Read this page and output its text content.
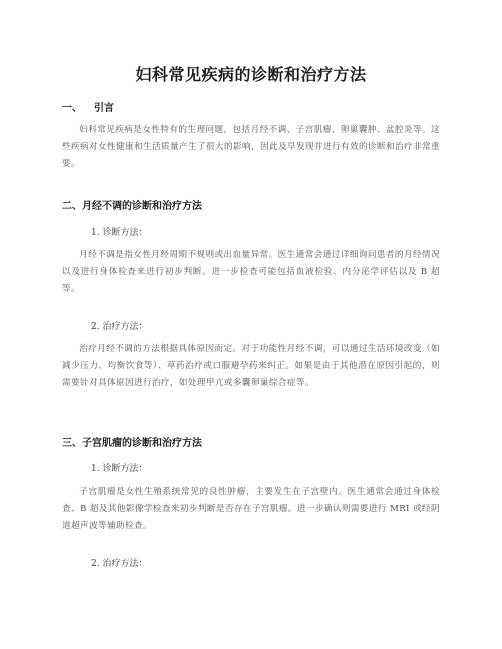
妇科常见疾病的诊断和治疗方法
一、 引言
妇科常见疾病是女性特有的生理问题，包括月经不调、子宫肌瘤、卵巢囊肿、盆腔炎等。这些疾病对女性健康和生活质量产生了很大的影响，因此及早发现并进行有效的诊断和治疗非常重要。
二、月经不调的诊断和治疗方法
1. 诊断方法：
月经不调是指女性月经周期不规则或出血量异常。医生通常会通过详细询问患者的月经情况以及进行身体检查来进行初步判断。进一步检查可能包括血液检验、内分泌学评估以及 B 超等。
2. 治疗方法：
治疗月经不调的方法根据具体原因而定。对于功能性月经不调，可以通过生活环境改变（如减少压力、均衡饮食等）、草药治疗或口服避孕药来纠正。如果是由于其他潜在原因引起的，则需要针对具体原因进行治疗，如处理甲亢或多囊卵巢综合症等。
三、子宫肌瘤的诊断和治疗方法
1. 诊断方法：
子宫肌瘤是女性生殖系统常见的良性肿瘤，主要发生在子宫壁内。医生通常会通过身体检查、B 超及其他影像学检查来初步判断是否存在子宫肌瘤。进一步确认则需要进行 MRI 或经阴道超声波等辅助检查。
2. 治疗方法：
